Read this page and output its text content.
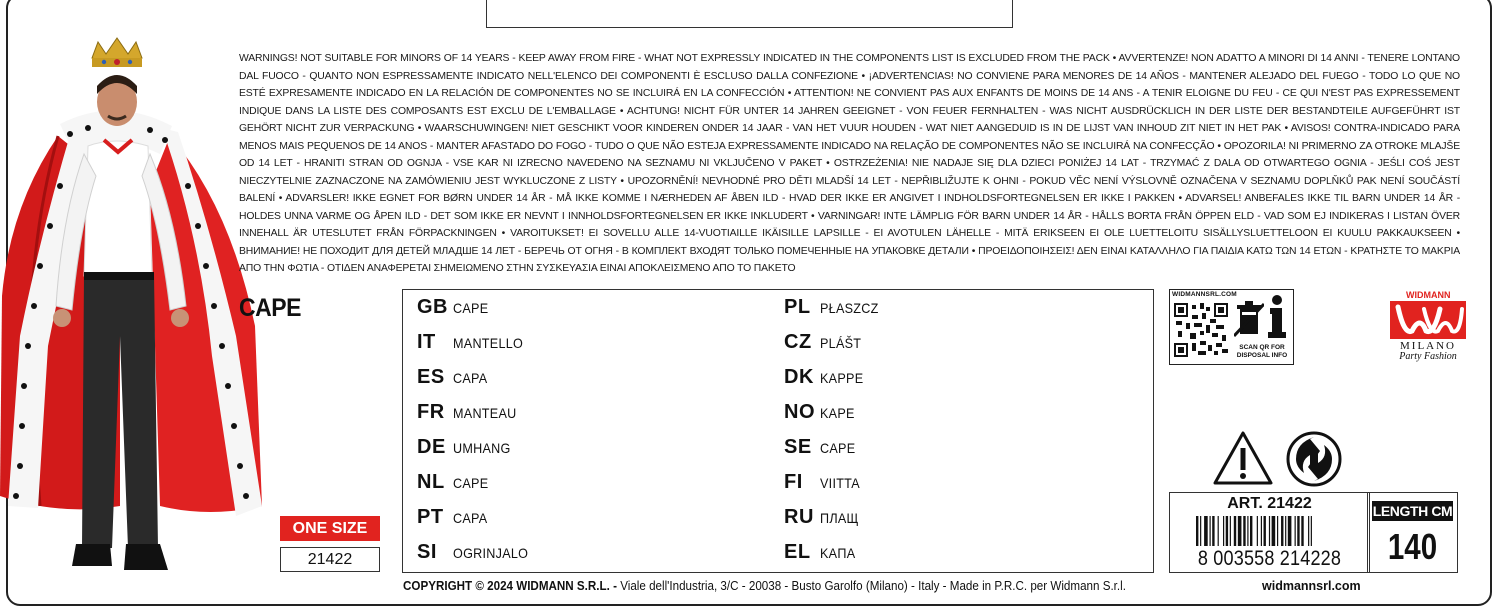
WARNINGS! NOT SUITABLE FOR MINORS OF 14 YEARS - KEEP AWAY FROM FIRE - WHAT NOT EXPRESSLY INDICATED IN THE COMPONENTS LIST IS EXCLUDED FROM THE PACK • AVVERTENZE! NON ADATTO A MINORI DI 14 ANNI - TENERE LONTANO DAL FUOCO - QUANTO NON ESPRESSAMENTE INDICATO NELL'ELENCO DEI COMPONENTI È ESCLUSO DALLA CONFEZIONE • ¡ADVERTENCIAS! NO CONVIENE PARA MENORES DE 14 AÑOS - MANTENER ALEJADO DEL FUEGO - TODO LO QUE NO ESTÉ EXPRESAMENTE INDICADO EN LA RELACIÓN DE COMPONENTES NO SE INCLUIRÁ EN LA CONFECCIÓN • ATTENTION! NE CONVIENT PAS AUX ENFANTS DE MOINS DE 14 ANS - A TENIR ELOIGNE DU FEU - CE QUI N'EST PAS EXPRESSEMENT INDIQUE DANS LA LISTE DES COMPOSANTS EST EXCLU DE L'EMBALLAGE • ACHTUNG! NICHT FÜR UNTER 14 JAHREN GEEIGNET - VON FEUER FERNHALTEN - WAS NICHT AUSDRÜCKLICH IN DER LISTE DER BESTANDTEILE AUFGEFÜHRT IST GEHÖRT NICHT ZUR VERPACKUNG • WAARSCHUWINGEN! NIET GESCHIKT VOOR KINDEREN ONDER 14 JAAR - VAN HET VUUR HOUDEN - WAT NIET AANGEDUID IS IN DE LIJST VAN INHOUD ZIT NIET IN HET PAK • AVISOS! CONTRA-INDICADO PARA MENOS MAIS PEQUENOS DE 14 ANOS - MANTER AFASTADO DO FOGO - TUDO O QUE NÃO ESTEJA EXPRESSAMENTE INDICADO NA RELAÇÃO DE COMPONENTES NÃO SE INCLUIRÁ NA CONFECÇÃO • OPOZORILA! NI PRIMERNO ZA OTROKE MLAJŠE OD 14 LET - HRANITI STRAN OD OGNJA - VSE KAR NI IZRECNO NAVEDENO NA SEZNAMU NI VKLJUČENO V PAKET • OSTRZEŻENIA! NIE NADAJE SIĘ DLA DZIECI PONIŻEJ 14 LAT - TRZYMAĆ Z DALA OD OTWARTEGO OGNIA - JEŚLI COŚ JEST NIECZYTELNIE ZAZNACZONE NA ZAMÓWIENIU JEST WYKLUCZONE Z LISTY • UPOZORNĚNÍ! NEVHODNÉ PRO DĚTI MLADŠÍ 14 LET - NEPŘIBLIŽUJTE K OHNI - POKUD VĚC NENÍ VÝSLOVNĚ OZNAČENA V SEZNAMU DOPLŇKŮ PAK NENÍ SOUČÁSTÍ BALENÍ • ADVARSLER! IKKE EGNET FOR BØRN UNDER 14 ÅR - MÅ IKKE KOMME I NÆRHEDEN AF ÅBEN ILD - HVAD DER IKKE ER ANGIVET I INDHOLDSFORTEGNELSEN ER IKKE I PAKKEN • ADVARSEL! ANBEFALES IKKE TIL BARN UNDER 14 ÅR - HOLDES UNNA VARME OG ÅPEN ILD - DET SOM IKKE ER NEVNT I INNHOLDSFORTEGNELSEN ER IKKE INKLUDERT • VARNINGAR! INTE LÄMPLIG FÖR BARN UNDER 14 ÅR - HÅLLS BORTA FRÅN ÖPPEN ELD - VAD SOM EJ INDIKERAS I LISTAN ÖVER INNEHALL ÄR UTESLUTET FRÅN FÖRPACKNINGEN • VAROITUKSET! EI SOVELLU ALLE 14-VUOTIAILLE IKÄISILLE LAPSILLE - EI AVOTULEN LÄHELLE - MITÄ ERIKSEEN EI OLE LUETTELOITU SISÄLLYSLUETTELOON EI KUULU PAKKAUKSEEN • ВНИМАНИЕ! НЕ ПОХОДИТ ДЛЯ ДЕТЕЙ МЛАДШЕ 14 ЛЕТ - БЕРЕЧЬ ОТ ОГНЯ - В КОМПЛЕКТ ВХОДЯТ ТОЛЬКО ПОМЕЧЕННЫЕ НА УПАКОВКЕ ДЕТАЛИ • ΠΡΟΕΙΔΟΠΟΙΗΣΕΙΣ! ΔΕΝ ΕΙΝΑΙ ΚΑΤΑΛΛΗΛΟ ΓΙΑ ΠΑΙΔΙΑ ΚΑΤΩ ΤΩΝ 14 ΕΤΩΝ - ΚΡΑΤΗΣΤΕ ΤΟ ΜΑΚΡΙΑ ΑΠΟ ΤΗΝ ΦΩΤΙΑ - ΟΤΙΔΕΝ ΑΝΑΦΕΡΕΤΑΙ ΣΗΜΕΙΩΜΕΝΟ ΣΤΗΝ ΣΥΣΚΕΥΑΣΙΑ ΕΙΝΑΙ ΑΠΟΚΛΕΙΣΜΕΝΟ ΑΠΟ ΤΟ ΠΑΚΕΤΟ
CAPE
ONE SIZE
21422
GB CAPE
IT	MANTELLO
ES CAPA
FR MANTEAU
DE UMHANG
NL CAPE
PT CAPA
SI	OGRINJALO
PL PŁASZCZ
CZ PLÁŠT
DK KAPPE
NO KAPE
SE CAPE
FI	VIITTA
RU ПЛАЩ
EL ΚΑΠΑ
COPYRIGHT © 2024 WIDMANN S.R.L. - Viale dell'Industria, 3/C - 20038 - Busto Garolfo (Milano) - Italy - Made in P.R.C. per Widmann S.r.l.	widmannsrl.com
WIDMANNSRL.COM
SCAN QR FOR
DISPOSAL INFO
WIDMANN
MILANO
Party Fashion
ART. 21422
8 003558 214228
LENGTH CM
140
